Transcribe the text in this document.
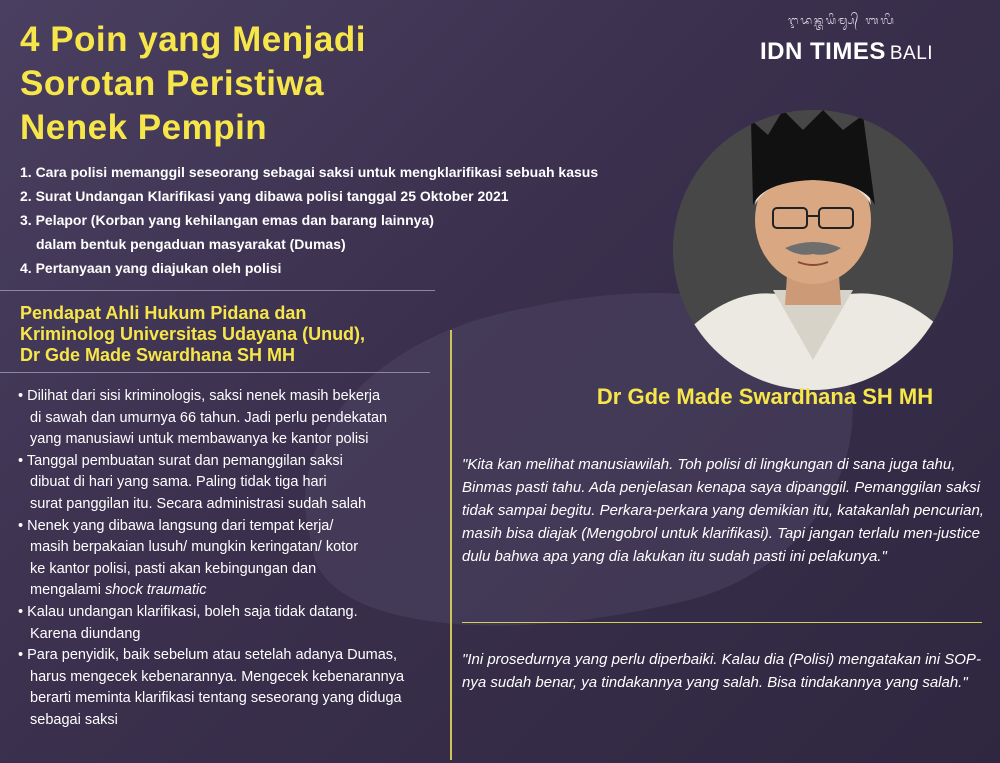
4 Poin yang Menjadi
Sorotan Peristiwa
Nenek Pempin
ᬇᬤᬦ᭄ᬢᬬᬶᬫ᭄ᬲ᭄ ᬩᬮᬶ
IDN TIMES BALI
1. Cara polisi memanggil seseorang sebagai saksi untuk mengklarifikasi sebuah kasus
2. Surat Undangan Klarifikasi yang dibawa polisi tanggal 25 Oktober 2021
3. Pelapor (Korban yang kehilangan emas dan barang lainnya)
dalam bentuk pengaduan masyarakat (Dumas)
4. Pertanyaan yang diajukan oleh polisi
Pendapat Ahli Hukum Pidana dan
Kriminolog Universitas Udayana (Unud),
Dr Gde Made Swardhana SH MH
• Dilihat dari sisi kriminologis, saksi nenek masih bekerja
di sawah dan umurnya 66 tahun. Jadi perlu pendekatan
yang manusiawi untuk membawanya ke kantor polisi
• Tanggal pembuatan surat dan pemanggilan saksi
dibuat di hari yang sama. Paling tidak tiga hari
surat panggilan itu. Secara administrasi sudah salah
• Nenek yang dibawa langsung dari tempat kerja/
masih berpakaian lusuh/ mungkin keringatan/ kotor
ke kantor polisi, pasti akan kebingungan dan
mengalami shock traumatic
• Kalau undangan klarifikasi, boleh saja tidak datang.
Karena diundang
• Para penyidik, baik sebelum atau setelah adanya Dumas,
harus mengecek kebenarannya. Mengecek kebenarannya
berarti meminta klarifikasi tentang seseorang yang diduga
sebagai saksi
Dr Gde Made Swardhana SH MH

"Kita kan melihat manusiawilah. Toh polisi di lingkungan di sana juga tahu, Binmas pasti tahu. Ada penjelasan kenapa saya dipanggil. Pemanggilan saksi tidak sampai begitu. Perkara-perkara yang demikian itu, katakanlah pencurian, masih bisa diajak (Mengobrol untuk klarifikasi). Tapi jangan terlalu men-justice dulu bahwa apa yang dia lakukan itu sudah pasti ini pelakunya."

"Ini prosedurnya yang perlu diperbaiki. Kalau dia (Polisi) mengatakan ini SOP-nya sudah benar, ya tindakannya yang salah. Bisa tindakannya yang salah."
